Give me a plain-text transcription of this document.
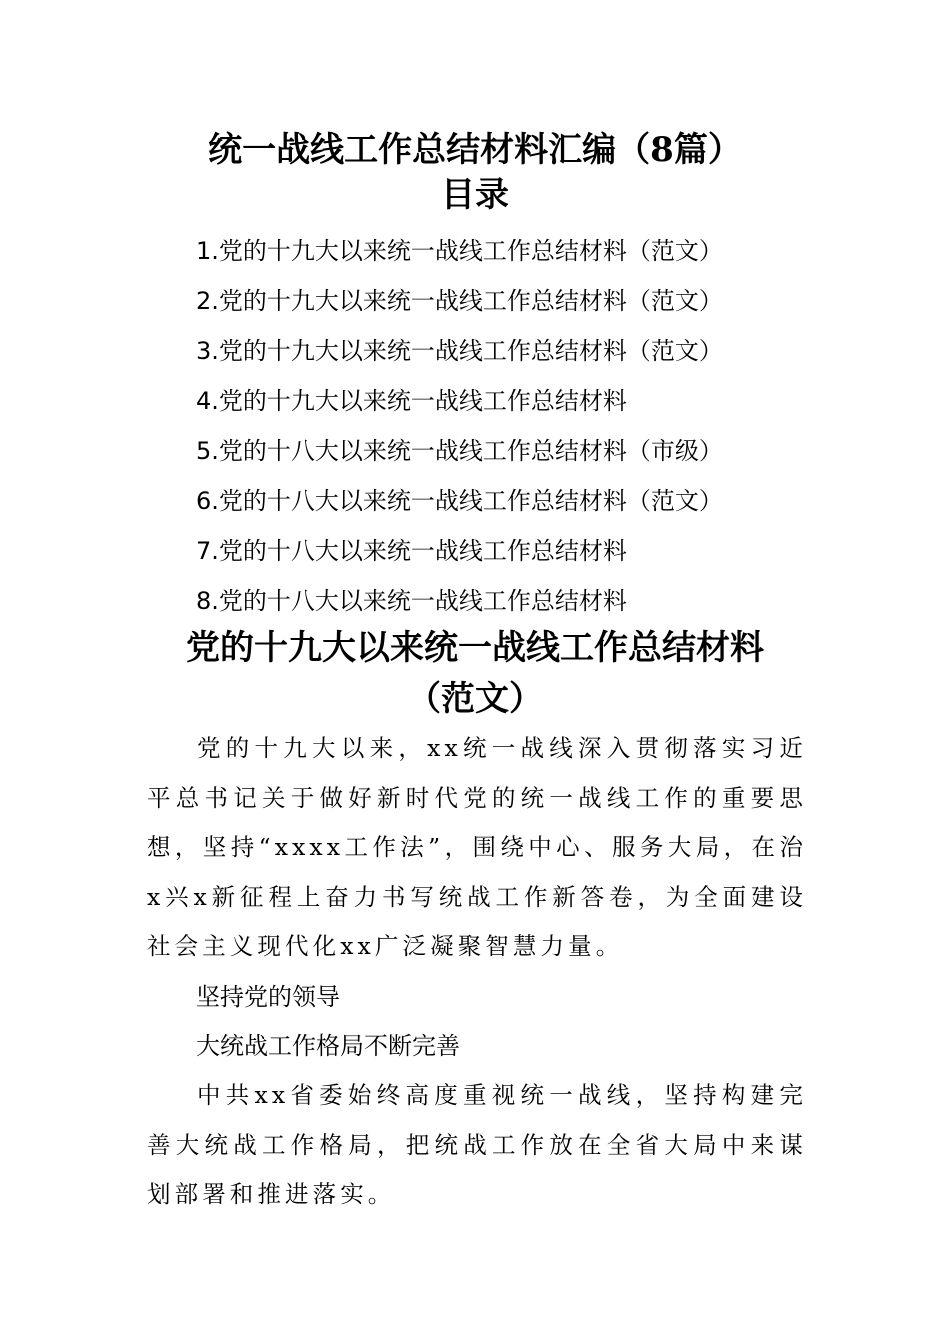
统一战线工作总结材料汇编（8篇）
目录
1.党的十九大以来统一战线工作总结材料（范文）
2.党的十九大以来统一战线工作总结材料（范文）
3.党的十九大以来统一战线工作总结材料（范文）
4.党的十九大以来统一战线工作总结材料
5.党的十八大以来统一战线工作总结材料（市级）
6.党的十八大以来统一战线工作总结材料（范文）
7.党的十八大以来统一战线工作总结材料
8.党的十八大以来统一战线工作总结材料
党的十九大以来统一战线工作总结材料
（范文）

党的十九大以来，xx统一战线深入贯彻落实习近平总书记关于做好新时代党的统一战线工作的重要思想，坚持“xxxx工作法”，围绕中心、服务大局，在治x兴x新征程上奋力书写统战工作新答卷，为全面建设社会主义现代化xx广泛凝聚智慧力量。

坚持党的领导

大统战工作格局不断完善

中共xx省委始终高度重视统一战线，坚持构建完善大统战工作格局，把统战工作放在全省大局中来谋划部署和推进落实。
